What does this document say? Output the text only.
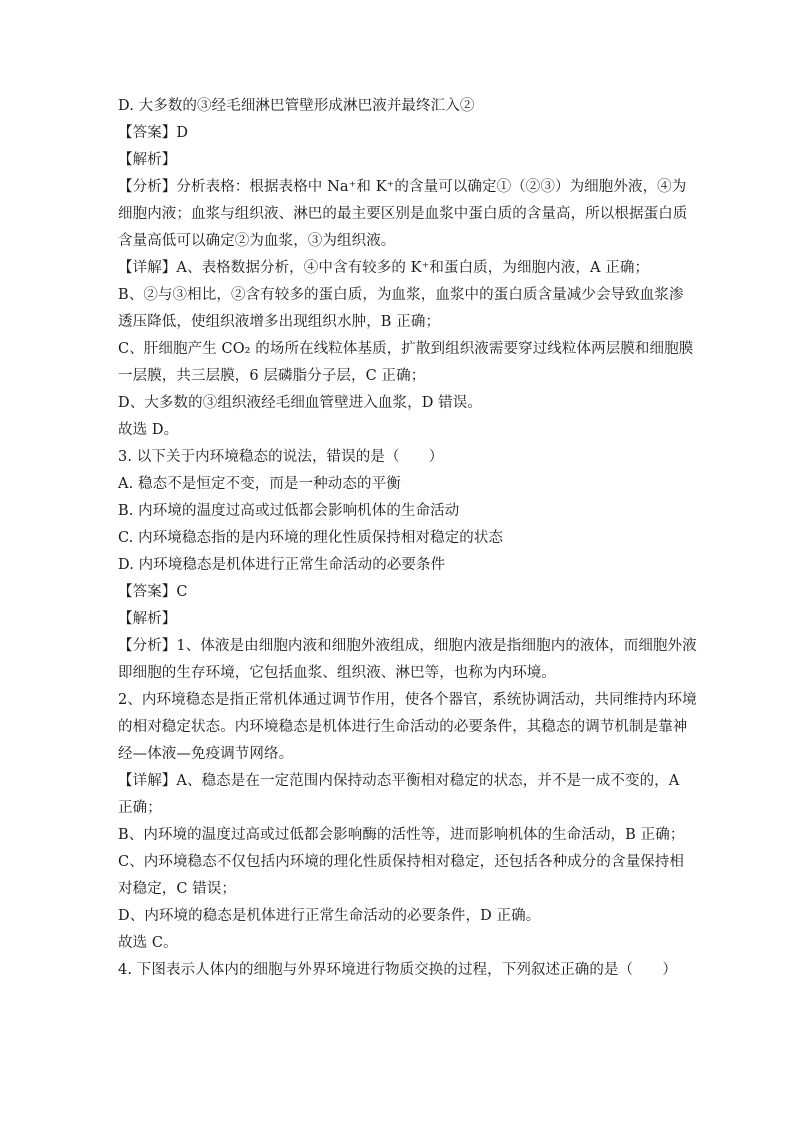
D. 大多数的③经毛细淋巴管壁形成淋巴液并最终汇入②
【答案】D
【解析】
【分析】分析表格：根据表格中 Na⁺和 K⁺的含量可以确定①（②③）为细胞外液，④为
细胞内液；血浆与组织液、淋巴的最主要区别是血浆中蛋白质的含量高，所以根据蛋白质
含量高低可以确定②为血浆，③为组织液。
【详解】A、表格数据分析，④中含有较多的 K⁺和蛋白质，为细胞内液，A 正确；
B、②与③相比，②含有较多的蛋白质，为血浆，血浆中的蛋白质含量减少会导致血浆渗
透压降低，使组织液增多出现组织水肿，B 正确；
C、肝细胞产生 CO₂ 的场所在线粒体基质，扩散到组织液需要穿过线粒体两层膜和细胞膜
一层膜，共三层膜，6 层磷脂分子层，C 正确；
D、大多数的③组织液经毛细血管壁进入血浆，D 错误。
故选 D。
3. 以下关于内环境稳态的说法，错误的是（　　）
A. 稳态不是恒定不变，而是一种动态的平衡
B. 内环境的温度过高或过低都会影响机体的生命活动
C. 内环境稳态指的是内环境的理化性质保持相对稳定的状态
D. 内环境稳态是机体进行正常生命活动的必要条件
【答案】C
【解析】
【分析】1、体液是由细胞内液和细胞外液组成，细胞内液是指细胞内的液体，而细胞外液
即细胞的生存环境，它包括血浆、组织液、淋巴等，也称为内环境。
2、内环境稳态是指正常机体通过调节作用，使各个器官，系统协调活动，共同维持内环境
的相对稳定状态。内环境稳态是机体进行生命活动的必要条件，其稳态的调节机制是靠神
经—体液—免疫调节网络。
【详解】A、稳态是在一定范围内保持动态平衡相对稳定的状态，并不是一成不变的，A
正确；
B、内环境的温度过高或过低都会影响酶的活性等，进而影响机体的生命活动，B 正确；
C、内环境稳态不仅包括内环境的理化性质保持相对稳定，还包括各种成分的含量保持相
对稳定，C 错误；
D、内环境的稳态是机体进行正常生命活动的必要条件，D 正确。
故选 C。
4. 下图表示人体内的细胞与外界环境进行物质交换的过程，下列叙述正确的是（　　）
